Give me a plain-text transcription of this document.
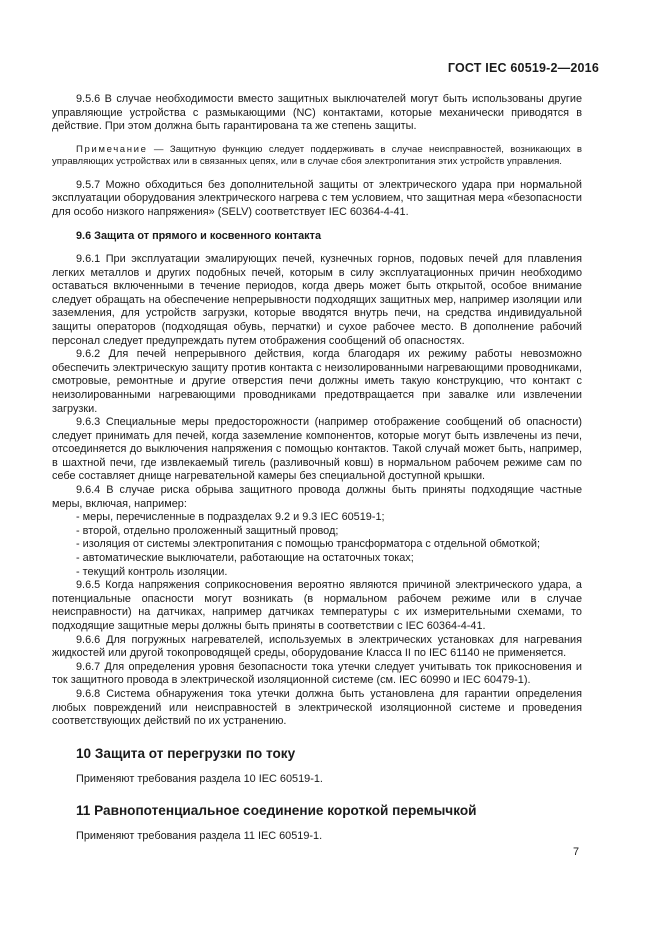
ГОСТ IEC 60519-2—2016

9.5.6 В случае необходимости вместо защитных выключателей могут быть использованы другие управляющие устройства с размыкающими (NC) контактами, которые механически приводятся в действие. При этом должна быть гарантирована та же степень защиты.

Примечание — Защитную функцию следует поддерживать в случае неисправностей, возникающих в управляющих устройствах или в связанных цепях, или в случае сбоя электропитания этих устройств управления.

9.5.7 Можно обходиться без дополнительной защиты от электрического удара при нормальной эксплуатации оборудования электрического нагрева с тем условием, что защитная мера «безопасности для особо низкого напряжения» (SELV) соответствует IEC 60364-4-41.

9.6 Защита от прямого и косвенного контакта

9.6.1 При эксплуатации эмалирующих печей, кузнечных горнов, подовых печей для плавления легких металлов и других подобных печей, которым в силу эксплуатационных причин необходимо оставаться включенными в течение периодов, когда дверь может быть открытой, особое внимание следует обращать на обеспечение непрерывности подходящих защитных мер, например изоляции или заземления, для устройств загрузки, которые вводятся внутрь печи, на средства индивидуальной защиты операторов (подходящая обувь, перчатки) и сухое рабочее место. В дополнение рабочий персонал следует предупреждать путем отображения сообщений об опасностях.

9.6.2 Для печей непрерывного действия, когда благодаря их режиму работы невозможно обеспечить электрическую защиту против контакта с неизолированными нагревающими проводниками, смотровые, ремонтные и другие отверстия печи должны иметь такую конструкцию, что контакт с неизолированными нагревающими проводниками предотвращается при завалке или извлечении загрузки.

9.6.3 Специальные меры предосторожности (например отображение сообщений об опасности) следует принимать для печей, когда заземление компонентов, которые могут быть извлечены из печи, отсоединяется до выключения напряжения с помощью контактов. Такой случай может быть, например, в шахтной печи, где извлекаемый тигель (разливочный ковш) в нормальном рабочем режиме сам по себе составляет днище нагревательной камеры без специальной доступной крышки.

9.6.4 В случае риска обрыва защитного провода должны быть приняты подходящие частные меры, включая, например:

- меры, перечисленные в подразделах 9.2 и 9.3 IEC 60519-1;

- второй, отдельно проложенный защитный провод;

- изоляция от системы электропитания с помощью трансформатора с отдельной обмоткой;

- автоматические выключатели, работающие на остаточных токах;

- текущий контроль изоляции.

9.6.5 Когда напряжения соприкосновения вероятно являются причиной электрического удара, а потенциальные опасности могут возникать (в нормальном рабочем режиме или в случае неисправности) на датчиках, например датчиках температуры с их измерительными схемами, то подходящие защитные меры должны быть приняты в соответствии с IEC 60364-4-41.

9.6.6 Для погружных нагревателей, используемых в электрических установках для нагревания жидкостей или другой токопроводящей среды, оборудование Класса II по IEC 61140 не применяется.

9.6.7 Для определения уровня безопасности тока утечки следует учитывать ток прикосновения и ток защитного провода в электрической изоляционной системе (см. IEC 60990 и IEC 60479-1).

9.6.8 Система обнаружения тока утечки должна быть установлена для гарантии определения любых повреждений или неисправностей в электрической изоляционной системе и проведения соответствующих действий по их устранению.

10 Защита от перегрузки по току

Применяют требования раздела 10 IEC 60519-1.

11 Равнопотенциальное соединение короткой перемычкой

Применяют требования раздела 11 IEC 60519-1.

7
